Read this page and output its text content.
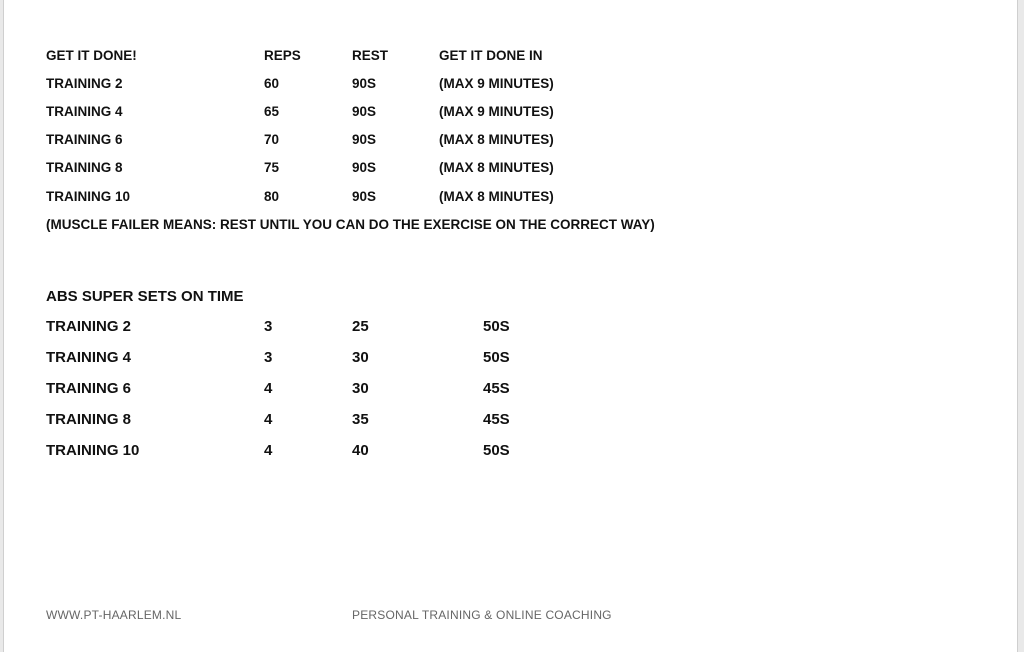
GET IT DONE!	REPS	REST	GET IT DONE IN
TRAINING 2	60	90S	(MAX 9 MINUTES)
TRAINING 4	65	90S	(MAX 9 MINUTES)
TRAINING 6	70	90S	(MAX 8 MINUTES)
TRAINING 8	75	90S	(MAX 8 MINUTES)
TRAINING 10	80	90S	(MAX 8 MINUTES)
(MUSCLE FAILER MEANS: REST UNTIL YOU CAN DO THE EXERCISE ON THE CORRECT WAY)
ABS SUPER SETS ON TIME
TRAINING 2	3	25	50S
TRAINING 4	3	30	50S
TRAINING 6	4	30	45S
TRAINING 8	4	35	45S
TRAINING 10	4	40	50S
WWW.PT-HAARLEM.NL	PERSONAL TRAINING & ONLINE COACHING
